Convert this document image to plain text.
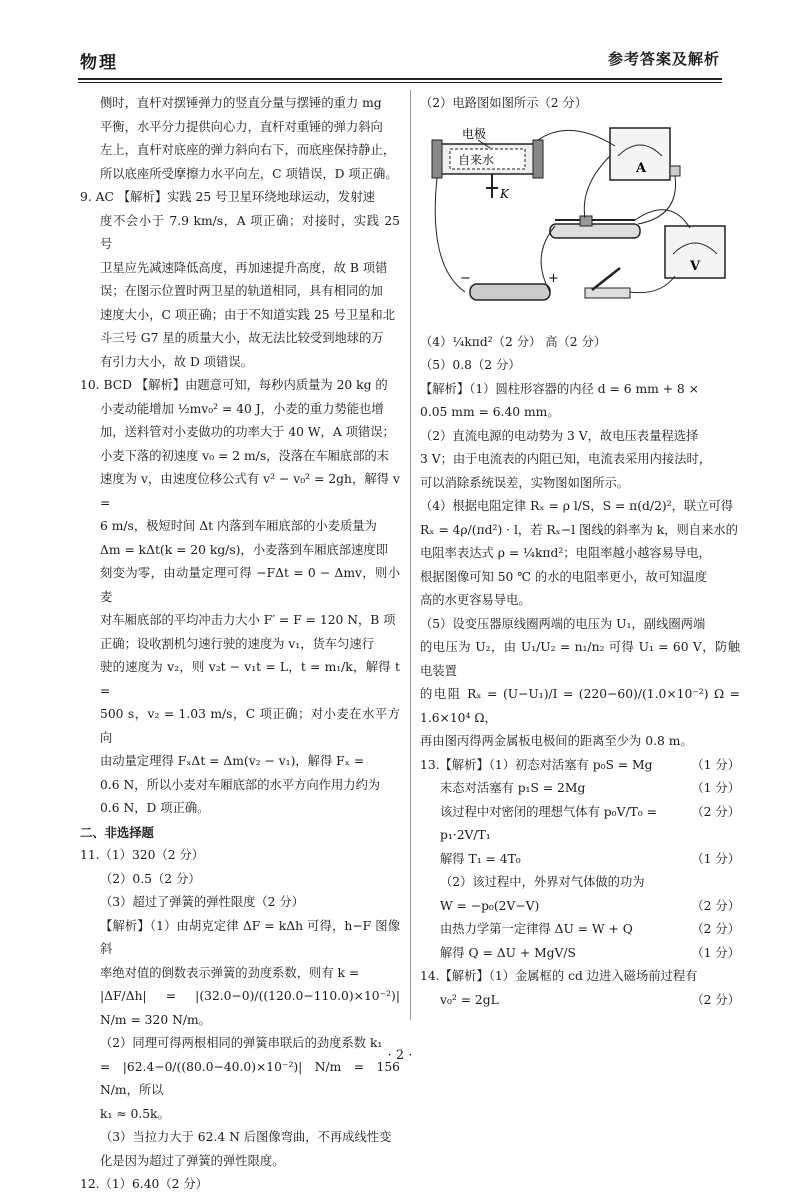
物理	参考答案及解析

侧时，直杆对摆锤弹力的竖直分量与摆锤的重力 mg

平衡，水平分力提供向心力，直杆对重锤的弹力斜向

左上，直杆对底座的弹力斜向右下，而底座保持静止，

所以底座所受摩擦力水平向左，C 项错误，D 项正确。

9. AC 【解析】实践 25 号卫星环绕地球运动，发射速

度不会小于 7.9 km/s，A 项正确；对接时，实践 25 号

卫星应先减速降低高度，再加速提升高度，故 B 项错

误；在图示位置时两卫星的轨道相同，具有相同的加

速度大小，C 项正确；由于不知道实践 25 号卫星和北

斗三号 G7 星的质量大小，故无法比较受到地球的万

有引力大小，故 D 项错误。

10. BCD 【解析】由题意可知，每秒内质量为 20 kg 的

小麦动能增加 ½mv₀² = 40 J，小麦的重力势能也增

加，送料管对小麦做功的功率大于 40 W，A 项错误；

小麦下落的初速度 v₀ = 2 m/s，没落在车厢底部的末

速度为 v，由速度位移公式有 v² − v₀² = 2gh，解得 v =

6 m/s，极短时间 Δt 内落到车厢底部的小麦质量为

Δm = kΔt(k = 20 kg/s)，小麦落到车厢底部速度即

刻变为零，由动量定理可得 −FΔt = 0 − Δmv，则小麦

对车厢底部的平均冲击力大小 F′ = F = 120 N，B 项

正确；设收割机匀速行驶的速度为 v₁，货车匀速行

驶的速度为 v₂，则 v₂t − v₁t = L，t = m₁/k，解得 t =

500 s，v₂ = 1.03 m/s，C 项正确；对小麦在水平方向

由动量定理得 FₓΔt = Δm(v₂ − v₁)，解得 Fₓ =

0.6 N，所以小麦对车厢底部的水平方向作用力约为

0.6 N，D 项正确。

二、非选择题

11.（1）320（2 分）

（2）0.5（2 分）

（3）超过了弹簧的弹性限度（2 分）

【解析】（1）由胡克定律 ΔF = kΔh 可得，h−F 图像斜

率绝对值的倒数表示弹簧的劲度系数，则有 k =

|ΔF/Δh| = |(32.0−0)/((120.0−110.0)×10⁻²)| N/m = 320 N/m。

（2）同理可得两根相同的弹簧串联后的劲度系数 k₁

= |62.4−0/((80.0−40.0)×10⁻²)| N/m = 156 N/m，所以

k₁ ≈ 0.5k。

（3）当拉力大于 62.4 N 后图像弯曲，不再成线性变

化是因为超过了弹簧的弹性限度。

12.（1）6.40（2 分）

（2）电路图如图所示（2 分）

电极
自来水
K
A
V
−	+

（4）¼kπd²（2 分） 高（2 分）

（5）0.8（2 分）

【解析】（1）圆柱形容器的内径 d = 6 mm + 8 ×

0.05 mm = 6.40 mm。

（2）直流电源的电动势为 3 V，故电压表量程选择

3 V；由于电流表的内阻已知，电流表采用内接法时，

可以消除系统误差，实物图如图所示。

（4）根据电阻定律 Rₓ = ρ l/S，S = π(d/2)²，联立可得

Rₓ = 4ρ/(πd²) · l，若 Rₓ−l 图线的斜率为 k，则自来水的

电阻率表达式 ρ = ¼kπd²；电阻率越小越容易导电，

根据图像可知 50 ℃ 的水的电阻率更小，故可知温度

高的水更容易导电。

（5）设变压器原线圈两端的电压为 U₁，副线圈两端

的电压为 U₂，由 U₁/U₂ = n₁/n₂ 可得 U₁ = 60 V，防触电装置

的电阻 Rₓ = (U−U₁)/I = (220−60)/(1.0×10⁻²) Ω = 1.6×10⁴ Ω，

再由图丙得两金属板电极间的距离至少为 0.8 m。

13.【解析】（1）初态对活塞有 p₀S = Mg	（1 分）
末态对活塞有 p₁S = 2Mg	（1 分）
该过程中对密闭的理想气体有 p₀V/T₀ = p₁·2V/T₁
（2 分）
解得 T₁ = 4T₀	（1 分）
（2）该过程中，外界对气体做的功为
W = −p₀(2V−V)	（2 分）
由热力学第一定律得 ΔU = W + Q	（2 分）
解得 Q = ΔU + MgV/S	（1 分）
14.【解析】（1）金属框的 cd 边进入磁场前过程有
v₀² = 2gL	（2 分）
· 2 ·
